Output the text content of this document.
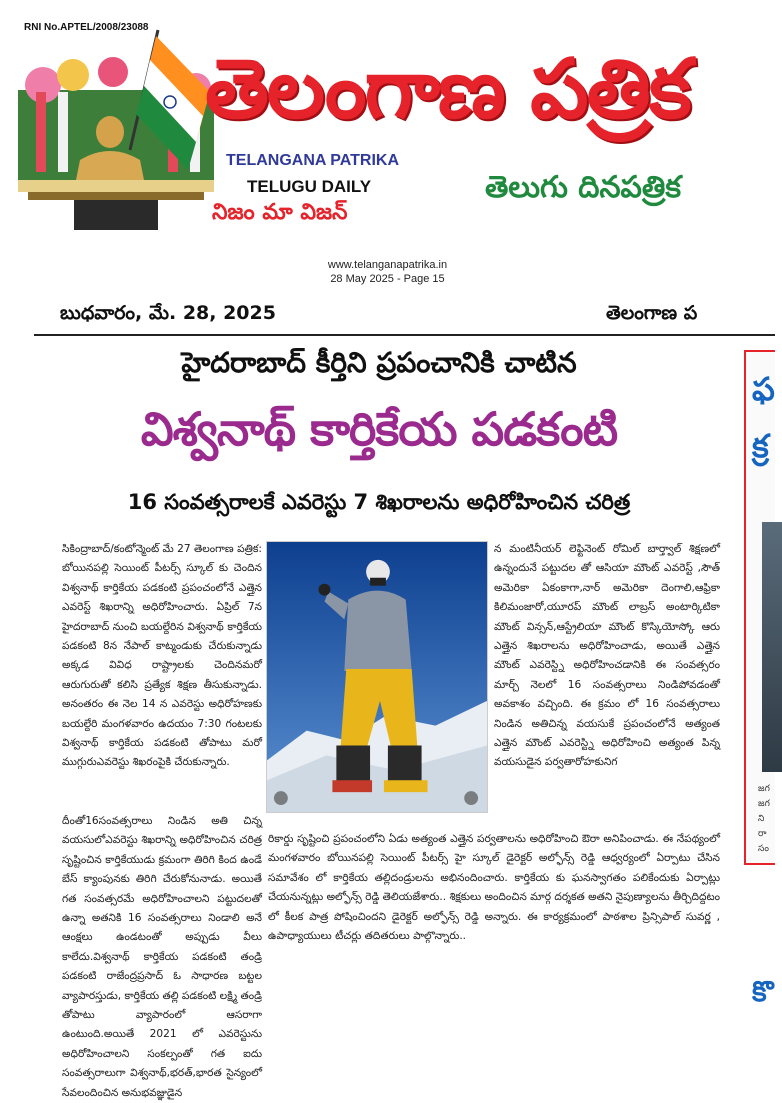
RNI No.APTEL/2008/23088
తెలంగాణ పత్రిక
TELANGANA PATRIKA
TELUGU DAILY
నిజం మా విజన్
తెలుగు దినపత్రిక
www.telanganapatrika.in
28 May 2025 - Page 15
బుధవారం, మే. 28, 2025	తెలంగాణ ప
హైదరాబాద్ కీర్తిని ప్రపంచానికి చాటిన
విశ్వనాథ్ కార్తికేయ పడకంటి
16 సంవత్సరాలకే ఎవరెస్టు 7 శిఖరాలను అధిరోహించిన చరిత్ర
సికింద్రాబాద్/కంటోన్మెంట్ మే 27 తెలంగాణ పత్రిక: బోయినపల్లి సెయింట్ పీటర్స్ స్కూల్ కు చెందిన విశ్వనాథ్ కార్తికేయ పడకంటి ప్రపంచంలోనే ఎత్తైన ఎవరెస్ట్ శిఖరాన్ని అధిరోహించారు. ఏప్రిల్ 7న హైదరాబాద్ నుంచి బయల్దేరిన విశ్వనాథ్ కార్తికేయ పడకంటి 8న నేపాల్ కాట్మండుకు చేరుకున్నాడు అక్కడ వివిధ రాష్ట్రాలకు చెందినమరో ఆరుగురుతో కలిసి ప్రత్యేక శిక్షణ తీసుకున్నాడు. అనంతరం ఈ నెల 14 న ఎవరెస్టు అధిరోహణకు బయల్దేరి మంగళవారం ఉదయం 7:30 గంటలకు విశ్వనాథ్ కార్తికేయ పడకంటి తోపాటు మరో ముగ్గురుఎవరెస్టు శిఖరంపైకి చేరుకున్నారు.
న మంటినీయర్ లెఫ్టినెంట్ రోమిల్ బార్త్వాల్ శిక్షణలో ఉన్నందునే పట్టుదల తో ఆసియా మౌంట్ ఎవరెస్ట్ ,సౌత్ అమెరికా ఏకంకాగా,నార్ అమెరికా దెంగాలి,ఆఫ్రికా కిలిమంజారో,యూరప్ మౌంట్ లాబ్రస్ అంటార్కిటికా మౌంట్ విన్సన్,ఆస్ట్రేలియా మౌంట్ కొస్కియోస్కో ఆరు ఎత్తైన శిఖరాలను అధిరోహించాడు, అయితే ఎత్తైన మౌంట్ ఎవరెస్ట్ని అధిరోహించడానికి ఈ సంవత్సరం మార్చ్ నెలలో 16 సంవత్సరాలు నిండిపోవడంతో అవకాశం వచ్చింది. ఈ క్రమం లో 16 సంవత్సరాలు నిండిన అతిచిన్న వయసుకే ప్రపంచంలోనే అత్యంత ఎత్తైన మౌంట్ ఎవరెస్ట్ని అధిరోహించి అత్యంత పిన్న వయసుడైన పర్వతారోహకునిగ
దీంతో16సంవత్సరాలు నిండిన అతి చిన్న వయసులోఎవరెస్టు శిఖరాన్ని అధిరోహించిన చరిత్ర సృష్టించిన కార్తికేయుడు క్రమంగా తిరిగి కింద ఉండే బేస్ క్యాంపునకు తిరిగి చేరుకోనునాడు. అయితే గత సంవత్సరమే అధిరోహించాలని పట్టుదలతో ఉన్నా అతనికి 16 సంవత్సరాలు నిండాలి అనే ఆంక్షలు ఉండటంతో అప్పుడు వీలు కాలేదు.విశ్వనాథ్ కార్తికేయ పడకంటి తండ్రి పడకంటి రాజేంద్రప్రసాద్ ఓ సాధారణ బట్టల వ్యాపారస్తుడు, కార్తికేయ తల్లి పడకంటి లక్ష్మి తండ్రి తోపాటు వ్యాపారంలో ఆసరాగా ఉంటుంది.అయితే 2021 లో ఎవరెస్టును అధిరోహించాలని సంకల్పంతో గత ఐదు సంవత్సరాలుగా విశ్వనాథ్,భరత్,భారత సైన్యంలో సేవలందించిన అనుభవజ్ఞుడైన
రికార్డు సృష్టించి ప్రపంచంలోని ఏడు అత్యంత ఎత్తైన పర్వతాలను అధిరోహించి ఔరా అనిపించాడు. ఈ నేపథ్యంలో మంగళవారం బోయినపల్లి సెయింట్ పీటర్స్ హై స్కూల్ డైరెక్టర్ అల్ఫోన్స్ రెడ్డి ఆధ్వర్యంలో ఏర్పాటు చేసిన సమావేశం లో కార్తికేయ తల్లిదండ్రులను అభినందించారు. కార్తికేయ కు ఘనస్వాగతం పలికేందుకు ఏర్పాట్లు చేయనున్నట్లు అల్ఫోన్స్ రెడ్డి తెలియజేశారు.. శిక్షకులు అందించిన మార్గ దర్శకత అతని నైపుణ్యాలను తీర్చిదిద్దటం లో కీలక పాత్ర పోషించిందని డైరెక్టర్ అల్ఫోన్స్ రెడ్డి అన్నారు. ఈ కార్యక్రమంలో పాఠశాల ప్రిన్సిపాల్ సువర్ణ , ఉపాధ్యాయులు టీచర్లు తదితరులు పాల్గొన్నారు..
ఫ
క్ర
జగ జగ ని రా సం
కొ
